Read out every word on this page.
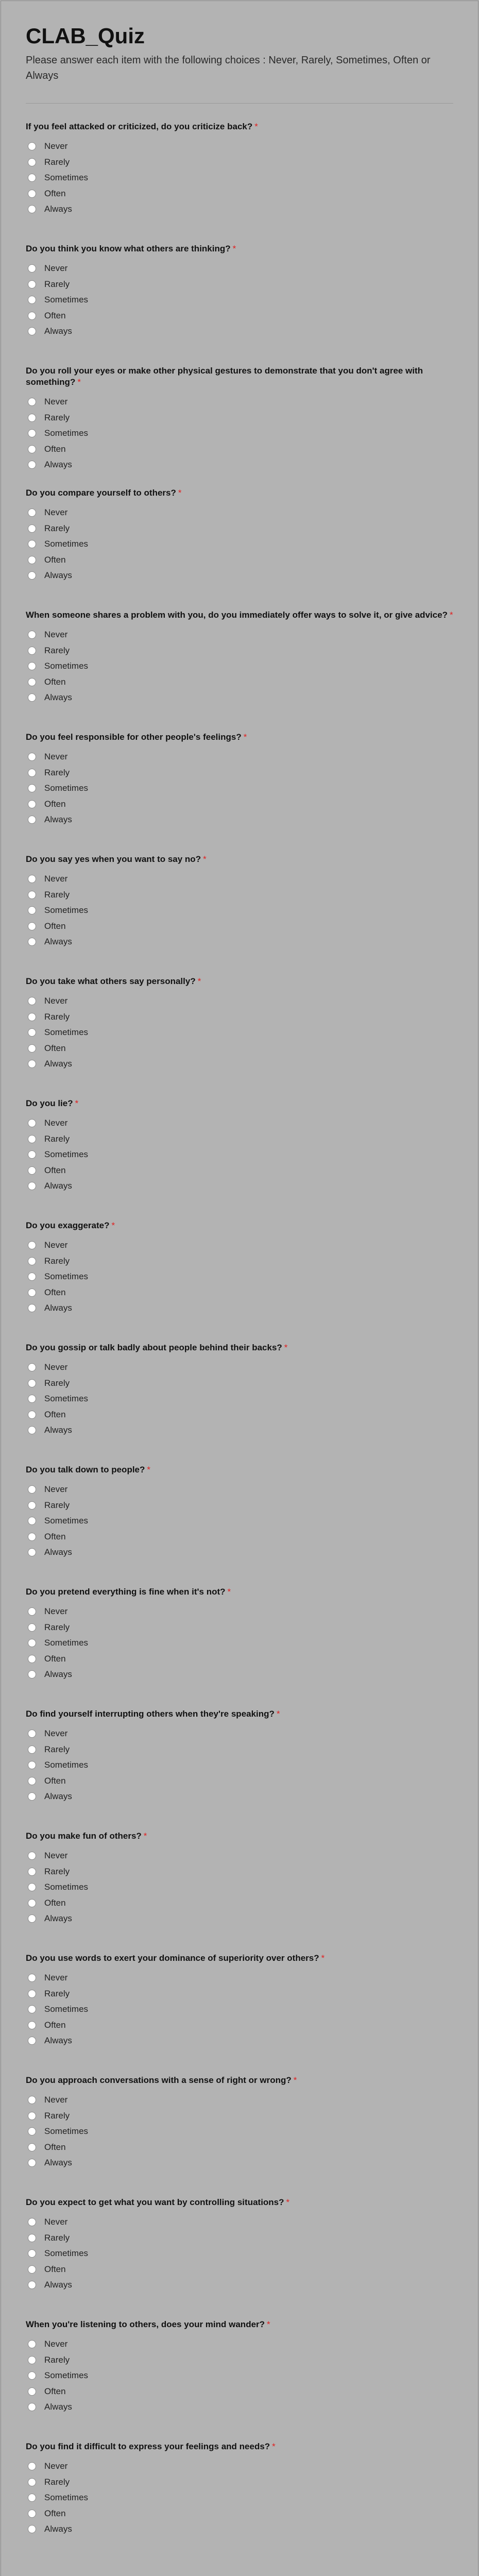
CLAB_Quiz
Please answer each item with the following choices : Never, Rarely, Sometimes, Often or Always
If you feel attacked or criticized, do you criticize back? *
Never
Rarely
Sometimes
Often
Always
Do you think you know what others are thinking? *
Never
Rarely
Sometimes
Often
Always
Do you roll your eyes or make other physical gestures to demonstrate that you don't agree with something? *
Never
Rarely
Sometimes
Often
Always
Do you compare yourself to others? *
Never
Rarely
Sometimes
Often
Always
When someone shares a problem with you, do you immediately offer ways to solve it, or give advice? *
Never
Rarely
Sometimes
Often
Always
Do you feel responsible for other people's feelings? *
Never
Rarely
Sometimes
Often
Always
Do you say yes when you want to say no? *
Never
Rarely
Sometimes
Often
Always
Do you take what others say personally? *
Never
Rarely
Sometimes
Often
Always
Do you lie? *
Never
Rarely
Sometimes
Often
Always
Do you exaggerate? *
Never
Rarely
Sometimes
Often
Always
Do you gossip or talk badly about people behind their backs? *
Never
Rarely
Sometimes
Often
Always
Do you talk down to people? *
Never
Rarely
Sometimes
Often
Always
Do you pretend everything is fine when it's not? *
Never
Rarely
Sometimes
Often
Always
Do find yourself interrupting others when they're speaking? *
Never
Rarely
Sometimes
Often
Always
Do you make fun of others? *
Never
Rarely
Sometimes
Often
Always
Do you use words to exert your dominance of superiority over others? *
Never
Rarely
Sometimes
Often
Always
Do you approach conversations with a sense of right or wrong? *
Never
Rarely
Sometimes
Often
Always
Do you expect to get what you want by controlling situations? *
Never
Rarely
Sometimes
Often
Always
When you're listening to others, does your mind wander? *
Never
Rarely
Sometimes
Often
Always
Do you find it difficult to express your feelings and needs? *
Never
Rarely
Sometimes
Often
Always
